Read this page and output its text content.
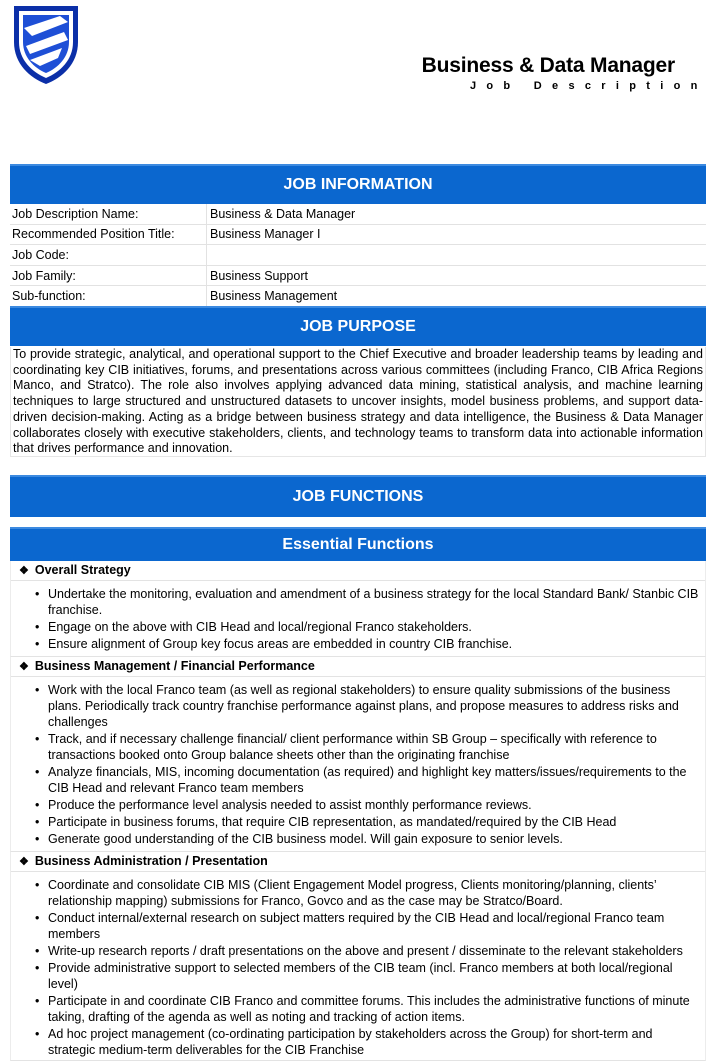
Business & Data Manager
Job Description
JOB INFORMATION
Job Description Name:	Business & Data Manager
Recommended Position Title:	Business Manager I
Job Code:	
Job Family:	Business Support
Sub-function:	Business Management
JOB PURPOSE
To provide strategic, analytical, and operational support to the Chief Executive and broader leadership teams by leading and coordinating key CIB initiatives, forums, and presentations across various committees (including Franco, CIB Africa Regions Manco, and Stratco). The role also involves applying advanced data mining, statistical analysis, and machine learning techniques to large structured and unstructured datasets to uncover insights, model business problems, and support data-driven decision-making. Acting as a bridge between business strategy and data intelligence, the Business & Data Manager collaborates closely with executive stakeholders, clients, and technology teams to transform data into actionable information that drives performance and innovation.
JOB FUNCTIONS
Essential Functions
❖ Overall Strategy
• Undertake the monitoring, evaluation and amendment of a business strategy for the local Standard Bank/ Stanbic CIB franchise.
• Engage on the above with CIB Head and local/regional Franco stakeholders.
• Ensure alignment of Group key focus areas are embedded in country CIB franchise.
❖ Business Management / Financial Performance
• Work with the local Franco team (as well as regional stakeholders) to ensure quality submissions of the business plans. Periodically track country franchise performance against plans, and propose measures to address risks and challenges
• Track, and if necessary challenge financial/ client performance within SB Group – specifically with reference to transactions booked onto Group balance sheets other than the originating franchise
• Analyze financials, MIS, incoming documentation (as required) and highlight key matters/issues/requirements to the CIB Head and relevant Franco team members
• Produce the performance level analysis needed to assist monthly performance reviews.
• Participate in business forums, that require CIB representation, as mandated/required by the CIB Head
• Generate good understanding of the CIB business model. Will gain exposure to senior levels.
❖ Business Administration / Presentation
• Coordinate and consolidate CIB MIS (Client Engagement Model progress, Clients monitoring/planning, clients’ relationship mapping) submissions for Franco, Govco and as the case may be Stratco/Board.
• Conduct internal/external research on subject matters required by the CIB Head and local/regional Franco team members
• Write-up research reports / draft presentations on the above and present / disseminate to the relevant stakeholders
• Provide administrative support to selected members of the CIB team (incl. Franco members at both local/regional level)
• Participate in and coordinate CIB Franco and committee forums. This includes the administrative functions of minute taking, drafting of the agenda as well as noting and tracking of action items.
• Ad hoc project management (co-ordinating participation by stakeholders across the Group) for short-term and strategic medium-term deliverables for the CIB Franchise
